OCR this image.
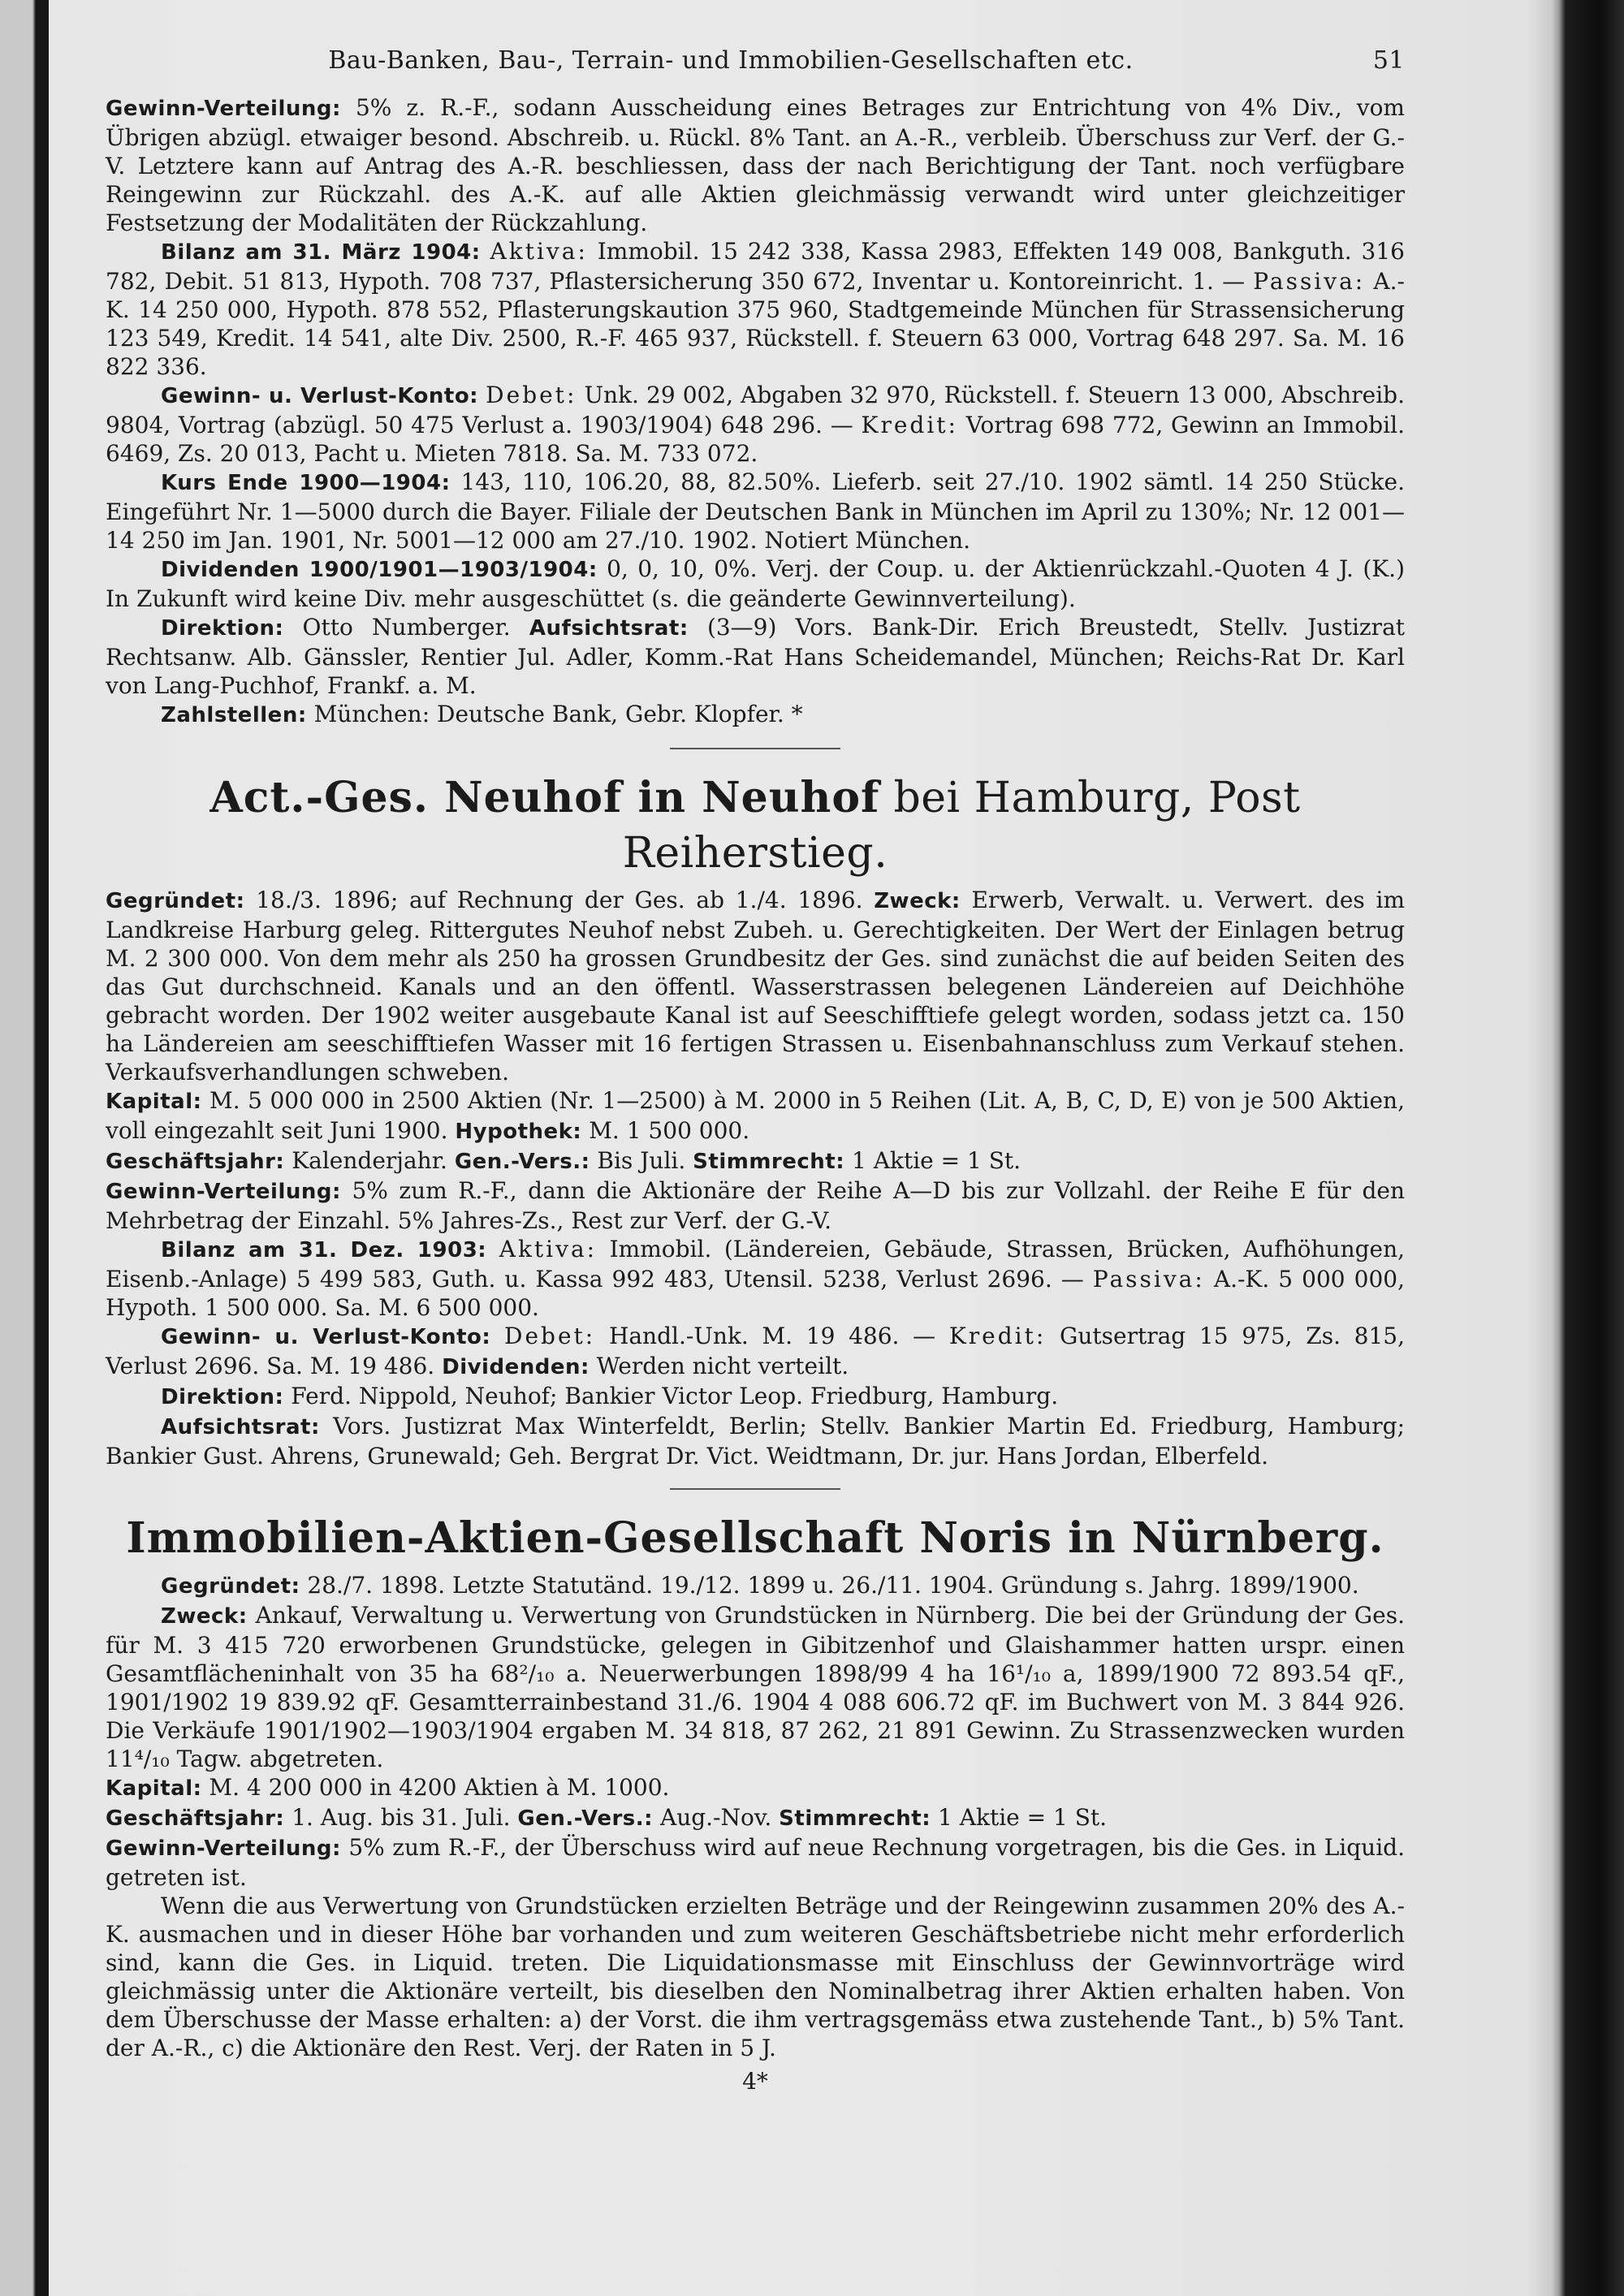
Bau-Banken, Bau-, Terrain- und Immobilien-Gesellschaften etc.	51

Gewinn-Verteilung: 5% z. R.-F., sodann Ausscheidung eines Betrages zur Entrichtung von 4% Div., vom Übrigen abzügl. etwaiger besond. Abschreib. u. Rückl. 8% Tant. an A.-R., verbleib. Überschuss zur Verf. der G.-V. Letztere kann auf Antrag des A.-R. beschliessen, dass der nach Berichtigung der Tant. noch verfügbare Reingewinn zur Rückzahl. des A.-K. auf alle Aktien gleichmässig verwandt wird unter gleichzeitiger Festsetzung der Modalitäten der Rückzahlung.

Bilanz am 31. März 1904: Aktiva: Immobil. 15 242 338, Kassa 2983, Effekten 149 008, Bankguth. 316 782, Debit. 51 813, Hypoth. 708 737, Pflastersicherung 350 672, Inventar u. Kontoreinricht. 1. — Passiva: A.-K. 14 250 000, Hypoth. 878 552, Pflasterungskaution 375 960, Stadtgemeinde München für Strassensicherung 123 549, Kredit. 14 541, alte Div. 2500, R.-F. 465 937, Rückstell. f. Steuern 63 000, Vortrag 648 297. Sa. M. 16 822 336.

Gewinn- u. Verlust-Konto: Debet: Unk. 29 002, Abgaben 32 970, Rückstell. f. Steuern 13 000, Abschreib. 9804, Vortrag (abzügl. 50 475 Verlust a. 1903/1904) 648 296. — Kredit: Vortrag 698 772, Gewinn an Immobil. 6469, Zs. 20 013, Pacht u. Mieten 7818. Sa. M. 733 072.

Kurs Ende 1900—1904: 143, 110, 106.20, 88, 82.50%. Lieferb. seit 27./10. 1902 sämtl. 14 250 Stücke. Eingeführt Nr. 1—5000 durch die Bayer. Filiale der Deutschen Bank in München im April zu 130%; Nr. 12 001—14 250 im Jan. 1901, Nr. 5001—12 000 am 27./10. 1902. Notiert München.

Dividenden 1900/1901—1903/1904: 0, 0, 10, 0%. Verj. der Coup. u. der Aktienrückzahl.-Quoten 4 J. (K.) In Zukunft wird keine Div. mehr ausgeschüttet (s. die geänderte Gewinnverteilung).

Direktion: Otto Numberger. Aufsichtsrat: (3—9) Vors. Bank-Dir. Erich Breustedt, Stellv. Justizrat Rechtsanw. Alb. Gänssler, Rentier Jul. Adler, Komm.-Rat Hans Scheidemandel, München; Reichs-Rat Dr. Karl von Lang-Puchhof, Frankf. a. M.

Zahlstellen: München: Deutsche Bank, Gebr. Klopfer. *

Act.-Ges. Neuhof in Neuhof bei Hamburg, Post Reiherstieg.

Gegründet: 18./3. 1896; auf Rechnung der Ges. ab 1./4. 1896. Zweck: Erwerb, Verwalt. u. Verwert. des im Landkreise Harburg geleg. Rittergutes Neuhof nebst Zubeh. u. Gerechtigkeiten. Der Wert der Einlagen betrug M. 2 300 000. Von dem mehr als 250 ha grossen Grundbesitz der Ges. sind zunächst die auf beiden Seiten des das Gut durchschneid. Kanals und an den öffentl. Wasserstrassen belegenen Ländereien auf Deichhöhe gebracht worden. Der 1902 weiter ausgebaute Kanal ist auf Seeschifftiefe gelegt worden, sodass jetzt ca. 150 ha Ländereien am seeschifftiefen Wasser mit 16 fertigen Strassen u. Eisenbahnanschluss zum Verkauf stehen. Verkaufsverhandlungen schweben.

Kapital: M. 5 000 000 in 2500 Aktien (Nr. 1—2500) à M. 2000 in 5 Reihen (Lit. A, B, C, D, E) von je 500 Aktien, voll eingezahlt seit Juni 1900. Hypothek: M. 1 500 000.

Geschäftsjahr: Kalenderjahr. Gen.-Vers.: Bis Juli. Stimmrecht: 1 Aktie = 1 St.

Gewinn-Verteilung: 5% zum R.-F., dann die Aktionäre der Reihe A—D bis zur Vollzahl. der Reihe E für den Mehrbetrag der Einzahl. 5% Jahres-Zs., Rest zur Verf. der G.-V.

Bilanz am 31. Dez. 1903: Aktiva: Immobil. (Ländereien, Gebäude, Strassen, Brücken, Aufhöhungen, Eisenb.-Anlage) 5 499 583, Guth. u. Kassa 992 483, Utensil. 5238, Verlust 2696. — Passiva: A.-K. 5 000 000, Hypoth. 1 500 000. Sa. M. 6 500 000.

Gewinn- u. Verlust-Konto: Debet: Handl.-Unk. M. 19 486. — Kredit: Gutsertrag 15 975, Zs. 815, Verlust 2696. Sa. M. 19 486. Dividenden: Werden nicht verteilt.

Direktion: Ferd. Nippold, Neuhof; Bankier Victor Leop. Friedburg, Hamburg.

Aufsichtsrat: Vors. Justizrat Max Winterfeldt, Berlin; Stellv. Bankier Martin Ed. Friedburg, Hamburg; Bankier Gust. Ahrens, Grunewald; Geh. Bergrat Dr. Vict. Weidtmann, Dr. jur. Hans Jordan, Elberfeld.

Immobilien-Aktien-Gesellschaft Noris in Nürnberg.

Gegründet: 28./7. 1898. Letzte Statutänd. 19./12. 1899 u. 26./11. 1904. Gründung s. Jahrg. 1899/1900.

Zweck: Ankauf, Verwaltung u. Verwertung von Grundstücken in Nürnberg. Die bei der Gründung der Ges. für M. 3 415 720 erworbenen Grundstücke, gelegen in Gibitzenhof und Glaishammer hatten urspr. einen Gesamtflächeninhalt von 35 ha 68²/₁₀ a. Neuerwerbungen 1898/99 4 ha 16¹/₁₀ a, 1899/1900 72 893.54 qF., 1901/1902 19 839.92 qF. Gesamtterrainbestand 31./6. 1904 4 088 606.72 qF. im Buchwert von M. 3 844 926. Die Verkäufe 1901/1902—1903/1904 ergaben M. 34 818, 87 262, 21 891 Gewinn. Zu Strassenzwecken wurden 11⁴/₁₀ Tagw. abgetreten.

Kapital: M. 4 200 000 in 4200 Aktien à M. 1000.

Geschäftsjahr: 1. Aug. bis 31. Juli. Gen.-Vers.: Aug.-Nov. Stimmrecht: 1 Aktie = 1 St.

Gewinn-Verteilung: 5% zum R.-F., der Überschuss wird auf neue Rechnung vorgetragen, bis die Ges. in Liquid. getreten ist.

Wenn die aus Verwertung von Grundstücken erzielten Beträge und der Reingewinn zusammen 20% des A.-K. ausmachen und in dieser Höhe bar vorhanden und zum weiteren Geschäftsbetriebe nicht mehr erforderlich sind, kann die Ges. in Liquid. treten. Die Liquidationsmasse mit Einschluss der Gewinnvorträge wird gleichmässig unter die Aktionäre verteilt, bis dieselben den Nominalbetrag ihrer Aktien erhalten haben. Von dem Überschusse der Masse erhalten: a) der Vorst. die ihm vertragsgemäss etwa zustehende Tant., b) 5% Tant. der A.-R., c) die Aktionäre den Rest. Verj. der Raten in 5 J.

4*
